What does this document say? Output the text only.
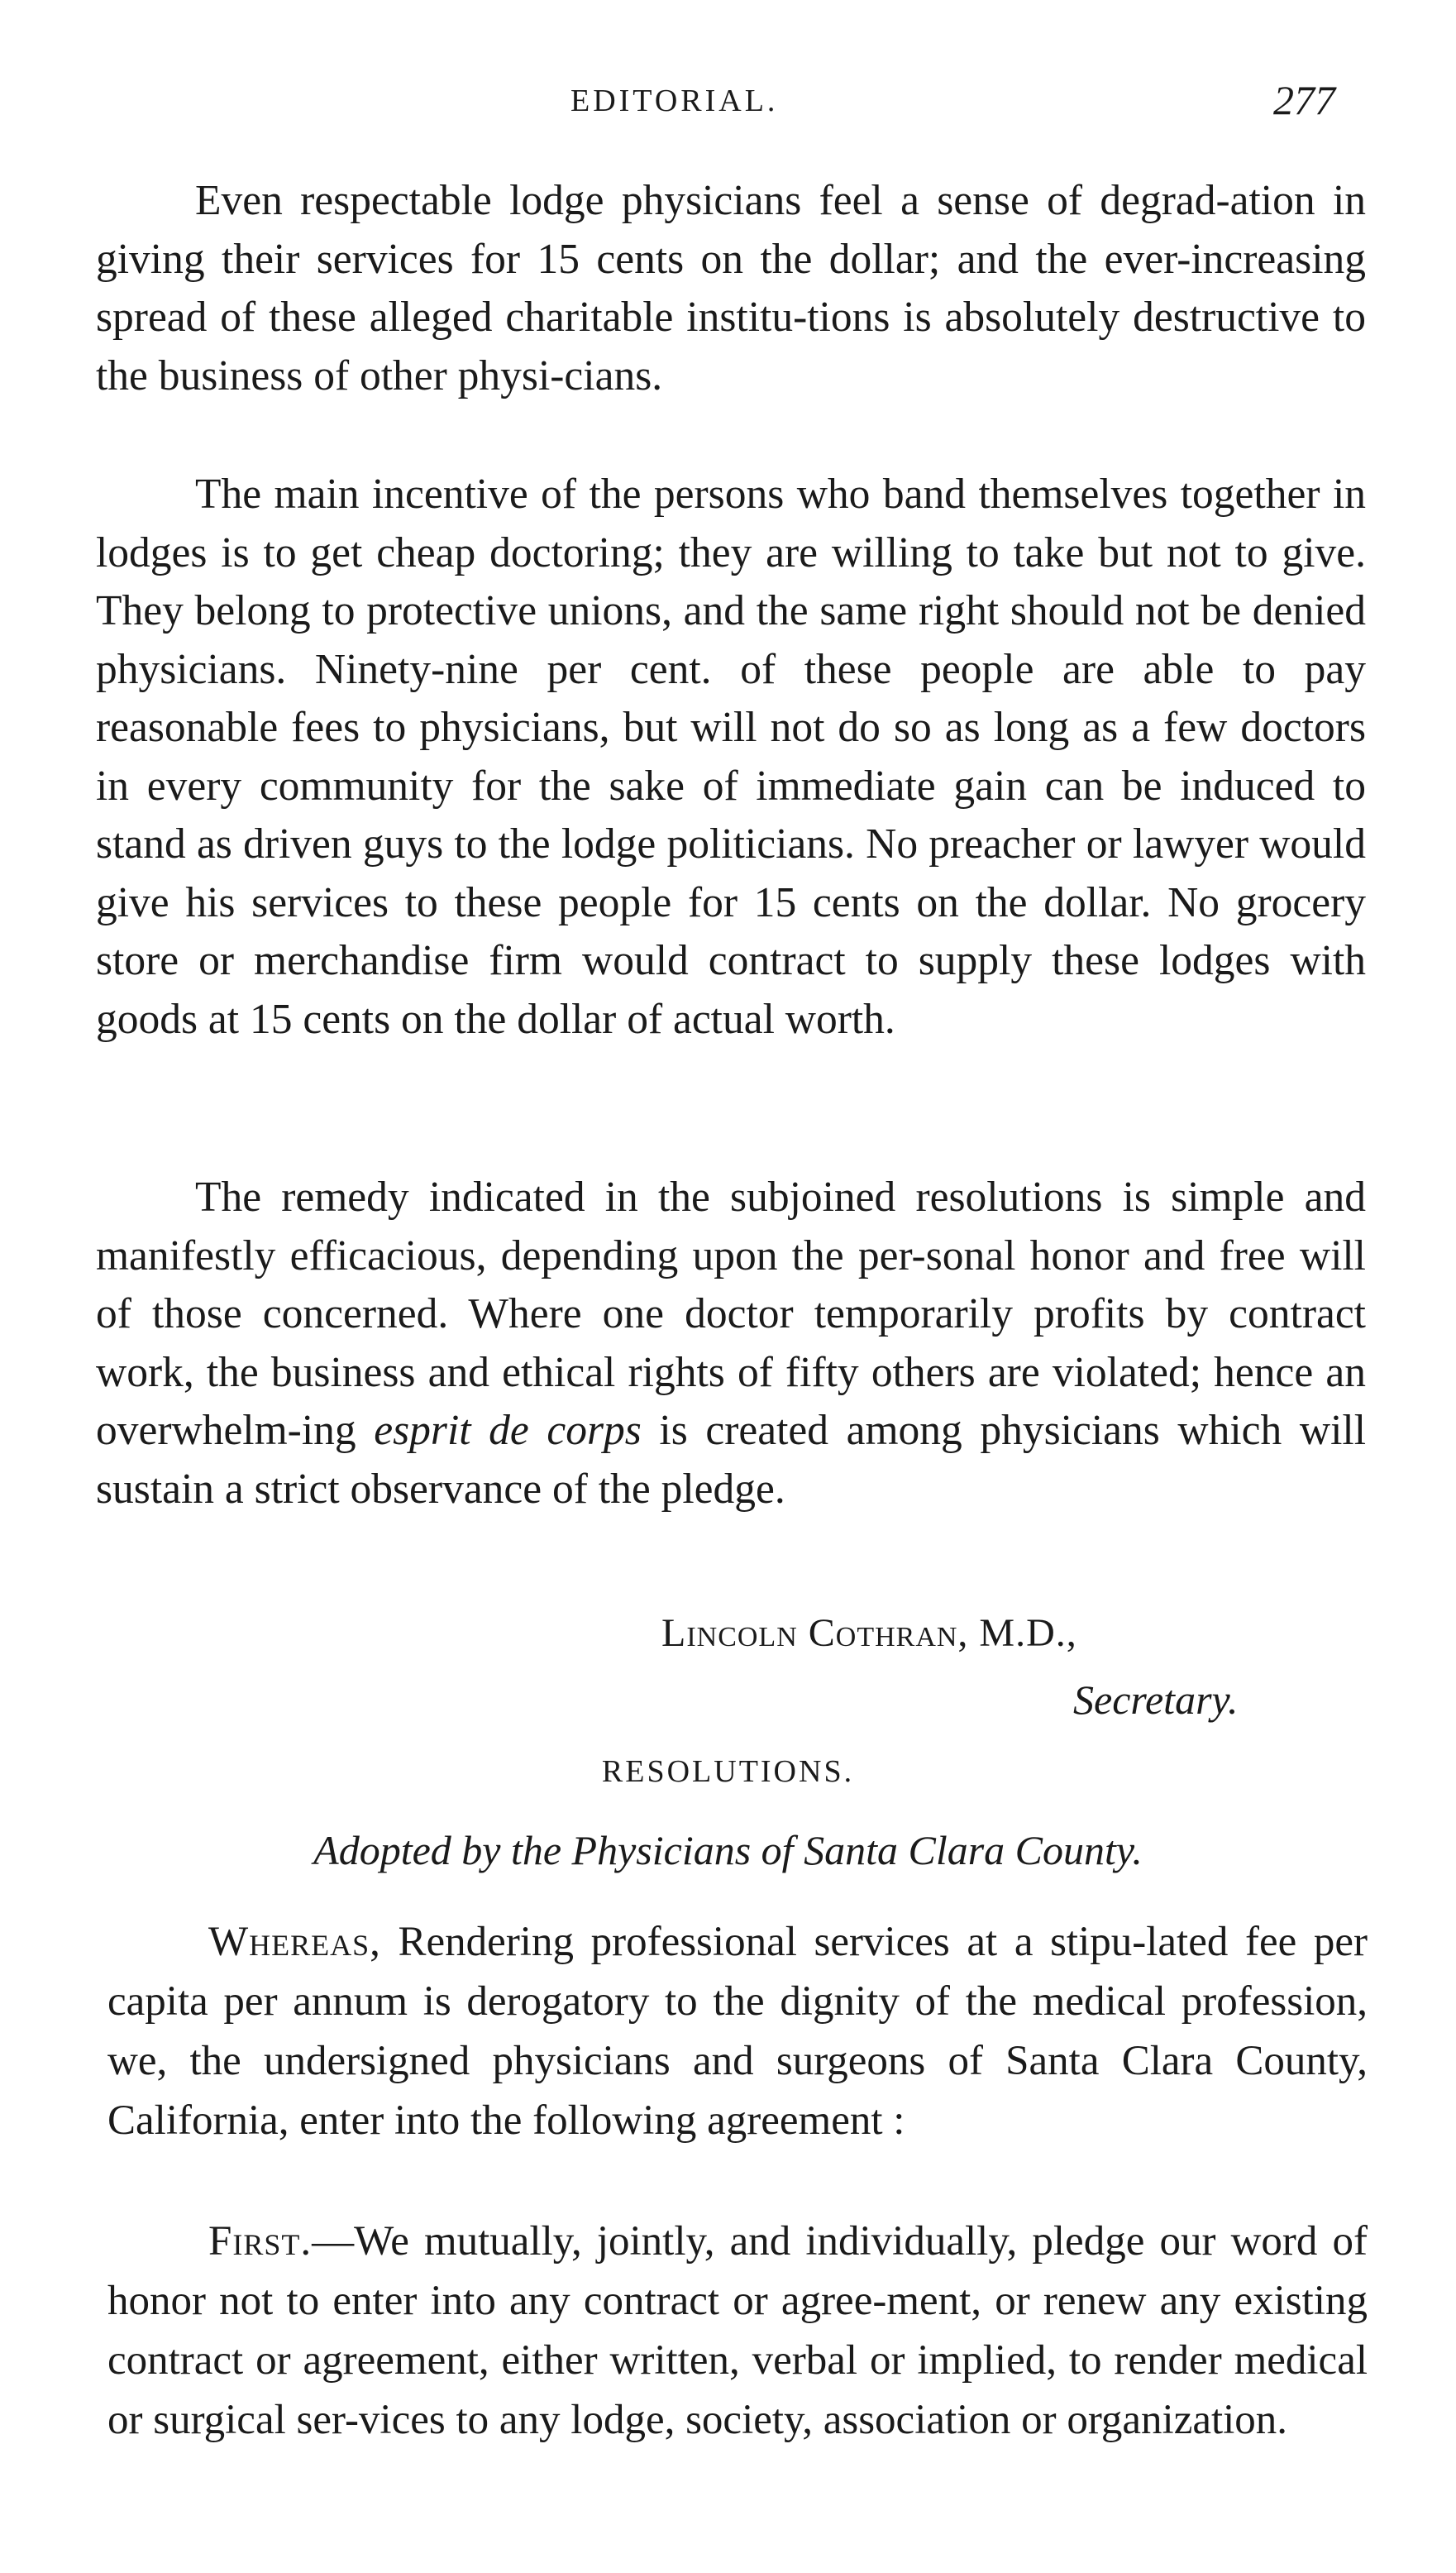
EDITORIAL.	277

Even respectable lodge physicians feel a sense of degrad-ation in giving their services for 15 cents on the dollar; and the ever-increasing spread of these alleged charitable institu-tions is absolutely destructive to the business of other physi-cians.

The main incentive of the persons who band themselves together in lodges is to get cheap doctoring; they are willing to take but not to give. They belong to protective unions, and the same right should not be denied physicians. Ninety-nine per cent. of these people are able to pay reasonable fees to physicians, but will not do so as long as a few doctors in every community for the sake of immediate gain can be induced to stand as driven guys to the lodge politicians. No preacher or lawyer would give his services to these people for 15 cents on the dollar. No grocery store or merchandise firm would contract to supply these lodges with goods at 15 cents on the dollar of actual worth.

The remedy indicated in the subjoined resolutions is simple and manifestly efficacious, depending upon the per-sonal honor and free will of those concerned. Where one doctor temporarily profits by contract work, the business and ethical rights of fifty others are violated; hence an overwhelm-ing esprit de corps is created among physicians which will sustain a strict observance of the pledge.

Lincoln Cothran, M.D.,
Secretary.
RESOLUTIONS.
Adopted by the Physicians of Santa Clara County.

Whereas, Rendering professional services at a stipu-lated fee per capita per annum is derogatory to the dignity of the medical profession, we, the undersigned physicians and surgeons of Santa Clara County, California, enter into the following agreement :

First.—We mutually, jointly, and individually, pledge our word of honor not to enter into any contract or agree-ment, or renew any existing contract or agreement, either written, verbal or implied, to render medical or surgical ser-vices to any lodge, society, association or organization.
